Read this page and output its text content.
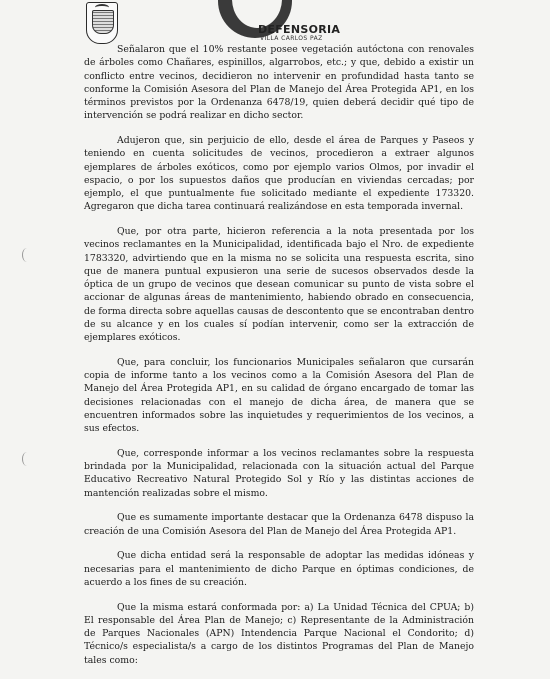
DEFENSORIA
VILLA CARLOS PAZ

Señalaron que el 10% restante posee vegetación autóctona con renovales de árboles como Chañares, espinillos, algarrobos, etc.; y que, debido a existir un conflicto entre vecinos, decidieron no intervenir en profundidad hasta tanto se conforme la Comisión Asesora del Plan de Manejo del Área Protegida AP1, en los términos previstos por la Ordenanza 6478/19, quien deberá decidir qué tipo de intervención se podrá realizar en dicho sector.

Adujeron que, sin perjuicio de ello, desde el área de Parques y Paseos y teniendo en cuenta solicitudes de vecinos, procedieron a extraer algunos ejemplares de árboles exóticos, como por ejemplo varios Olmos, por invadir el espacio, o por los supuestos daños que producían en viviendas cercadas; por ejemplo, el que puntualmente fue solicitado mediante el expediente 173320. Agregaron que dicha tarea continuará realizándose en esta temporada invernal.

Que, por otra parte, hicieron referencia a la nota presentada por los vecinos reclamantes en la Municipalidad, identificada bajo el Nro. de expediente 1783320, advirtiendo que en la misma no se solicita una respuesta escrita, sino que de manera puntual expusieron una serie de sucesos observados desde la óptica de un grupo de vecinos que desean comunicar su punto de vista sobre el accionar de algunas áreas de mantenimiento, habiendo obrado en consecuencia, de forma directa sobre aquellas causas de descontento que se encontraban dentro de su alcance y en los cuales sí podían intervenir, como ser la extracción de ejemplares exóticos.

Que, para concluir, los funcionarios Municipales señalaron que cursarán copia de informe tanto a los vecinos como a la Comisión Asesora del Plan de Manejo del Área Protegida AP1, en su calidad de órgano encargado de tomar las decisiones relacionadas con el manejo de dicha área, de manera que se encuentren informados sobre las inquietudes y requerimientos de los vecinos, a sus efectos.

Que, corresponde informar a los vecinos reclamantes sobre la respuesta brindada por la Municipalidad, relacionada con la situación actual del Parque Educativo Recreativo Natural Protegido Sol y Río y las distintas acciones de mantención realizadas sobre el mismo.

Que es sumamente importante destacar que la Ordenanza 6478 dispuso la creación de una Comisión Asesora del Plan de Manejo del Área Protegida AP1.

Que dicha entidad será la responsable de adoptar las medidas idóneas y necesarias para el mantenimiento de dicho Parque en óptimas condiciones, de acuerdo a los fines de su creación.

Que la misma estará conformada por: a) La Unidad Técnica del CPUA; b) El responsable del Área Plan de Manejo; c) Representante de la Administración de Parques Nacionales (APN) Intendencia Parque Nacional el Condorito; d) Técnico/s especialista/s a cargo de los distintos Programas del Plan de Manejo tales como:
